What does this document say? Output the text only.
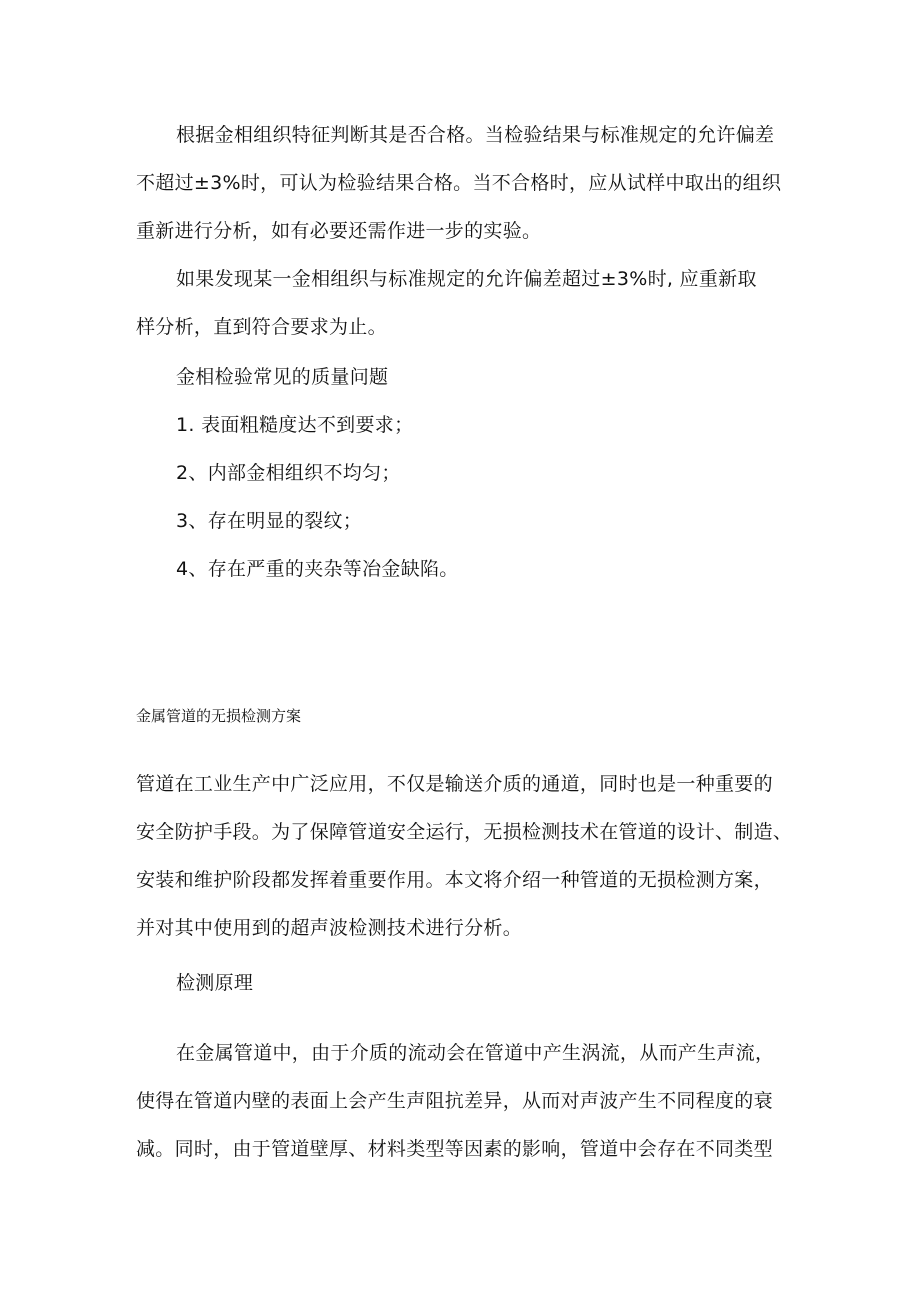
根据金相组织特征判断其是否合格。当检验结果与标准规定的允许偏差
不超过±3%时，可认为检验结果合格。当不合格时，应从试样中取出的组织
重新进行分析，如有必要还需作进一步的实验。
如果发现某一金相组织与标准规定的允许偏差超过±3%时, 应重新取
样分析，直到符合要求为止。
金相检验常见的质量问题
1. 表面粗糙度达不到要求；
2、内部金相组织不均匀；
3、存在明显的裂纹；
4、存在严重的夹杂等冶金缺陷。
金属管道的无损检测方案
管道在工业生产中广泛应用，不仅是输送介质的通道，同时也是一种重要的
安全防护手段。为了保障管道安全运行，无损检测技术在管道的设计、制造、
安装和维护阶段都发挥着重要作用。本文将介绍一种管道的无损检测方案，
并对其中使用到的超声波检测技术进行分析。
检测原理
在金属管道中，由于介质的流动会在管道中产生涡流，从而产生声流，
使得在管道内壁的表面上会产生声阻抗差异，从而对声波产生不同程度的衰
减。同时，由于管道壁厚、材料类型等因素的影响，管道中会存在不同类型
